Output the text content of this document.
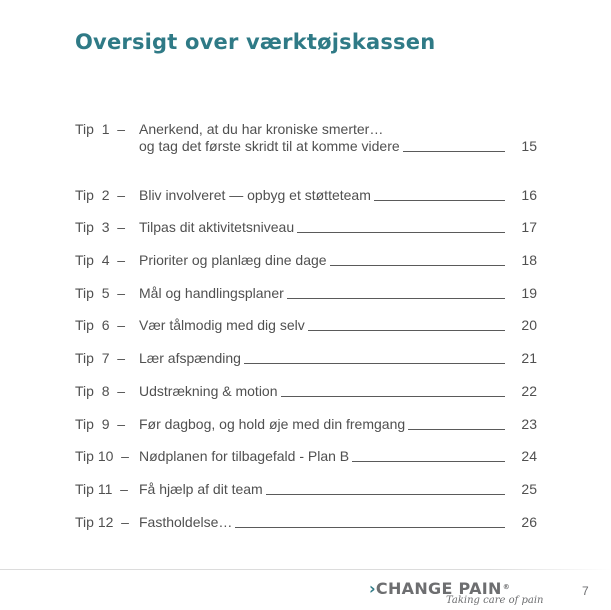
Oversigt over værktøjskassen
Tip  1  – Anerkend, at du har kroniske smerter…
og tag det første skridt til at komme videre	15
Tip  2  – Bliv involveret — opbyg et støtteteam	16
Tip  3  – Tilpas dit aktivitetsniveau	17
Tip  4  – Prioriter og planlæg dine dage	18
Tip  5  – Mål og handlingsplaner	19
Tip  6  – Vær tålmodig med dig selv	20
Tip  7  – Lær afspænding	21
Tip  8  – Udstrækning & motion	22
Tip  9  – Før dagbog, og hold øje med din fremgang	23
Tip 10  – Nødplanen for tilbagefald - Plan B	24
Tip 11  – Få hjælp af dit team	25
Tip 12  – Fastholdelse…	26
›CHANGE PAIN®
Taking care of pain
7
